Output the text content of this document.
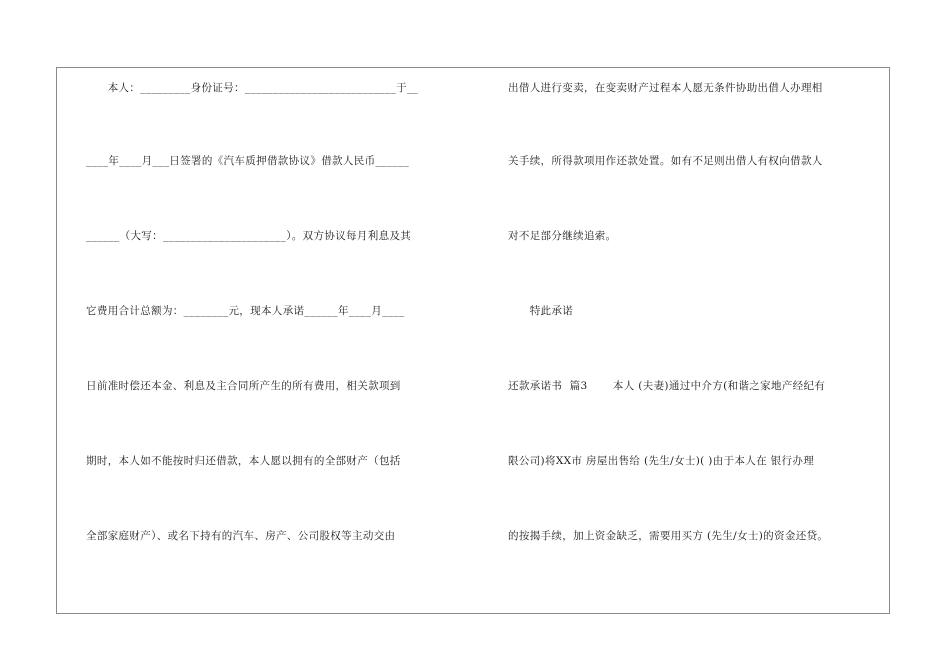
　　本人：_________身份证号：___________________________于__
____年____月___日签署的《汽车质押借款协议》借款人民币______
______（大写：______________________）。双方协议每月利息及其
它费用合计总额为：________元，现本人承诺______年____月____
日前准时偿还本金、利息及主合同所产生的所有费用，相关款项到
期时，本人如不能按时归还借款，本人愿以拥有的全部财产（包括
全部家庭财产）、或名下持有的汽车、房产、公司股权等主动交由
出借人进行变卖，在变卖财产过程本人愿无条件协助出借人办理相
关手续，所得款项用作还款处置。如有不足则出借人有权向借款人
对不足部分继续追索。
　　特此承诺
还款承诺书  篇3　　 本人 (夫妻)通过中介方(和谐之家地产经纪有
限公司)将XX市 房屋出售给 (先生/女士)( )由于本人在 银行办理
的按揭手续，加上资金缺乏，需要用买方 (先生/女士)的资金还贷。
